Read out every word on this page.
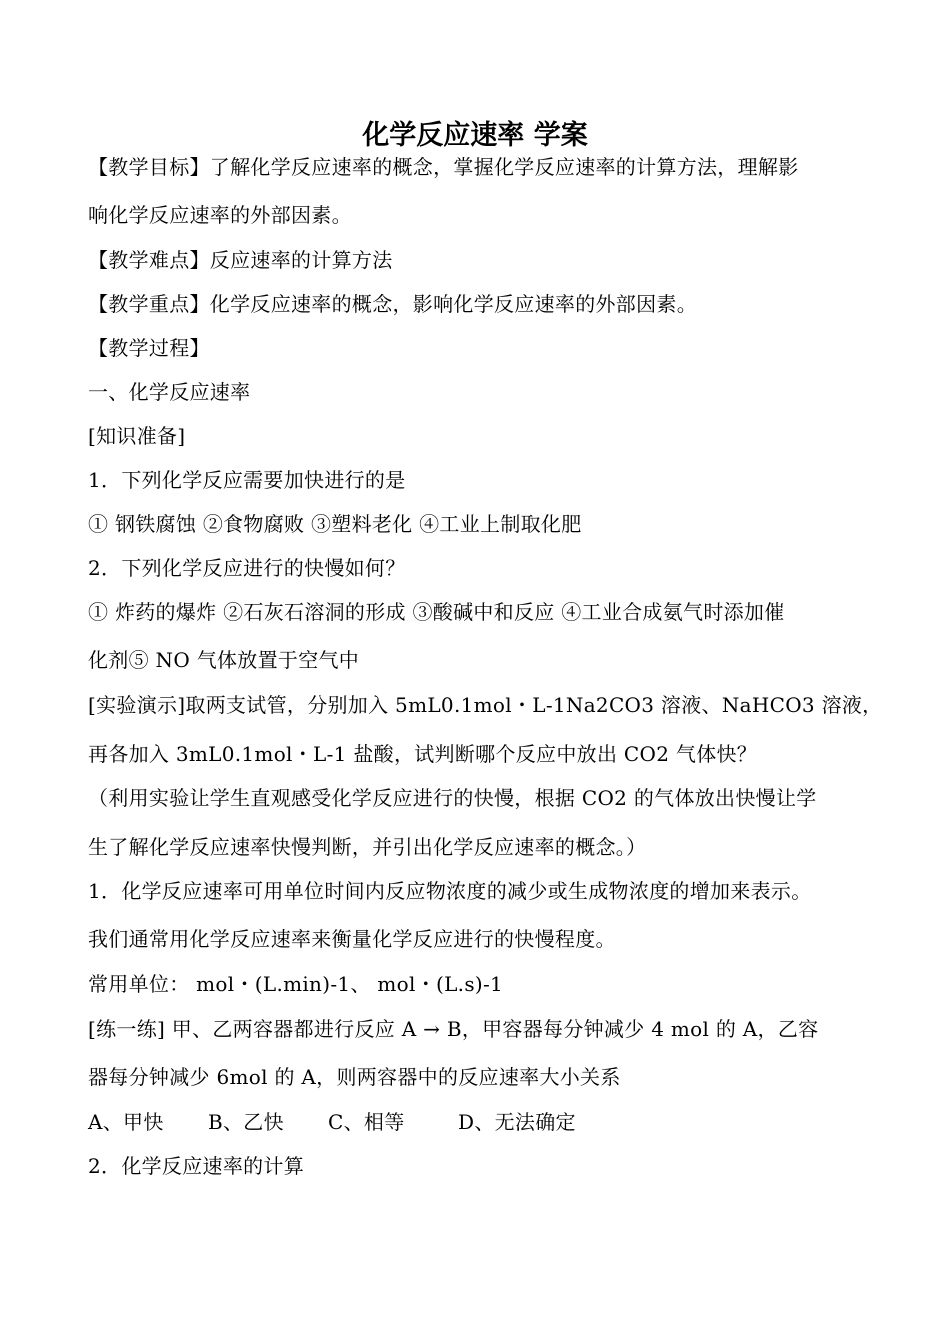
化学反应速率 学案
【教学目标】了解化学反应速率的概念，掌握化学反应速率的计算方法，理解影
响化学反应速率的外部因素。
【教学难点】反应速率的计算方法
【教学重点】化学反应速率的概念，影响化学反应速率的外部因素。
【教学过程】
一、化学反应速率
[知识准备]
1．下列化学反应需要加快进行的是
① 钢铁腐蚀 ②食物腐败 ③塑料老化 ④工业上制取化肥
2．下列化学反应进行的快慢如何？
① 炸药的爆炸 ②石灰石溶洞的形成 ③酸碱中和反应 ④工业合成氨气时添加催
化剂⑤ NO 气体放置于空气中
[实验演示]取两支试管，分别加入 5mL0.1mol・L-1Na2CO3 溶液、NaHCO3 溶液，
再各加入 3mL0.1mol・L-1 盐酸，试判断哪个反应中放出 CO2 气体快？
（利用实验让学生直观感受化学反应进行的快慢，根据 CO2 的气体放出快慢让学
生了解化学反应速率快慢判断，并引出化学反应速率的概念。）
1．化学反应速率可用单位时间内反应物浓度的减少或生成物浓度的增加来表示。
我们通常用化学反应速率来衡量化学反应进行的快慢程度。
常用单位： mol・(L.min)-1、 mol・(L.s)-1
[练一练] 甲、乙两容器都进行反应 A → B，甲容器每分钟减少 4 mol 的 A，乙容
器每分钟减少 6mol 的 A，则两容器中的反应速率大小关系
A、甲快 B、乙快 C、相等	D、无法确定
2．化学反应速率的计算
